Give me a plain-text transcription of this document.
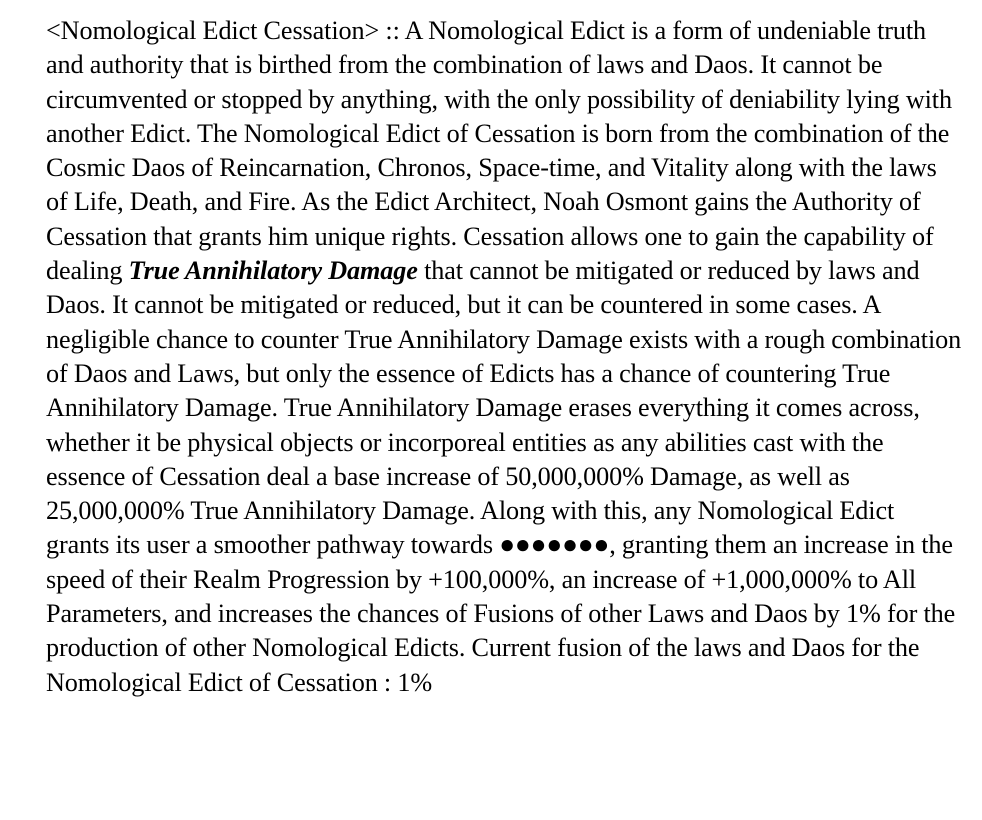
<Nomological Edict Cessation> :: A Nomological Edict is a form of undeniable truth and authority that is birthed from the combination of laws and Daos. It cannot be circumvented or stopped by anything, with the only possibility of deniability lying with another Edict. The Nomological Edict of Cessation is born from the combination of the Cosmic Daos of Reincarnation, Chronos, Space-time, and Vitality along with the laws of Life, Death, and Fire. As the Edict Architect, Noah Osmont gains the Authority of Cessation that grants him unique rights. Cessation allows one to gain the capability of dealing True Annihilatory Damage that cannot be mitigated or reduced by laws and Daos. It cannot be mitigated or reduced, but it can be countered in some cases. A negligible chance to counter True Annihilatory Damage exists with a rough combination of Daos and Laws, but only the essence of Edicts has a chance of countering True Annihilatory Damage. True Annihilatory Damage erases everything it comes across, whether it be physical objects or incorporeal entities as any abilities cast with the essence of Cessation deal a base increase of 50,000,000% Damage, as well as 25,000,000% True Annihilatory Damage. Along with this, any Nomological Edict grants its user a smoother pathway towards ●●●●●●●, granting them an increase in the speed of their Realm Progression by +100,000%, an increase of +1,000,000% to All Parameters, and increases the chances of Fusions of other Laws and Daos by 1% for the production of other Nomological Edicts. Current fusion of the laws and Daos for the Nomological Edict of Cessation : 1%
